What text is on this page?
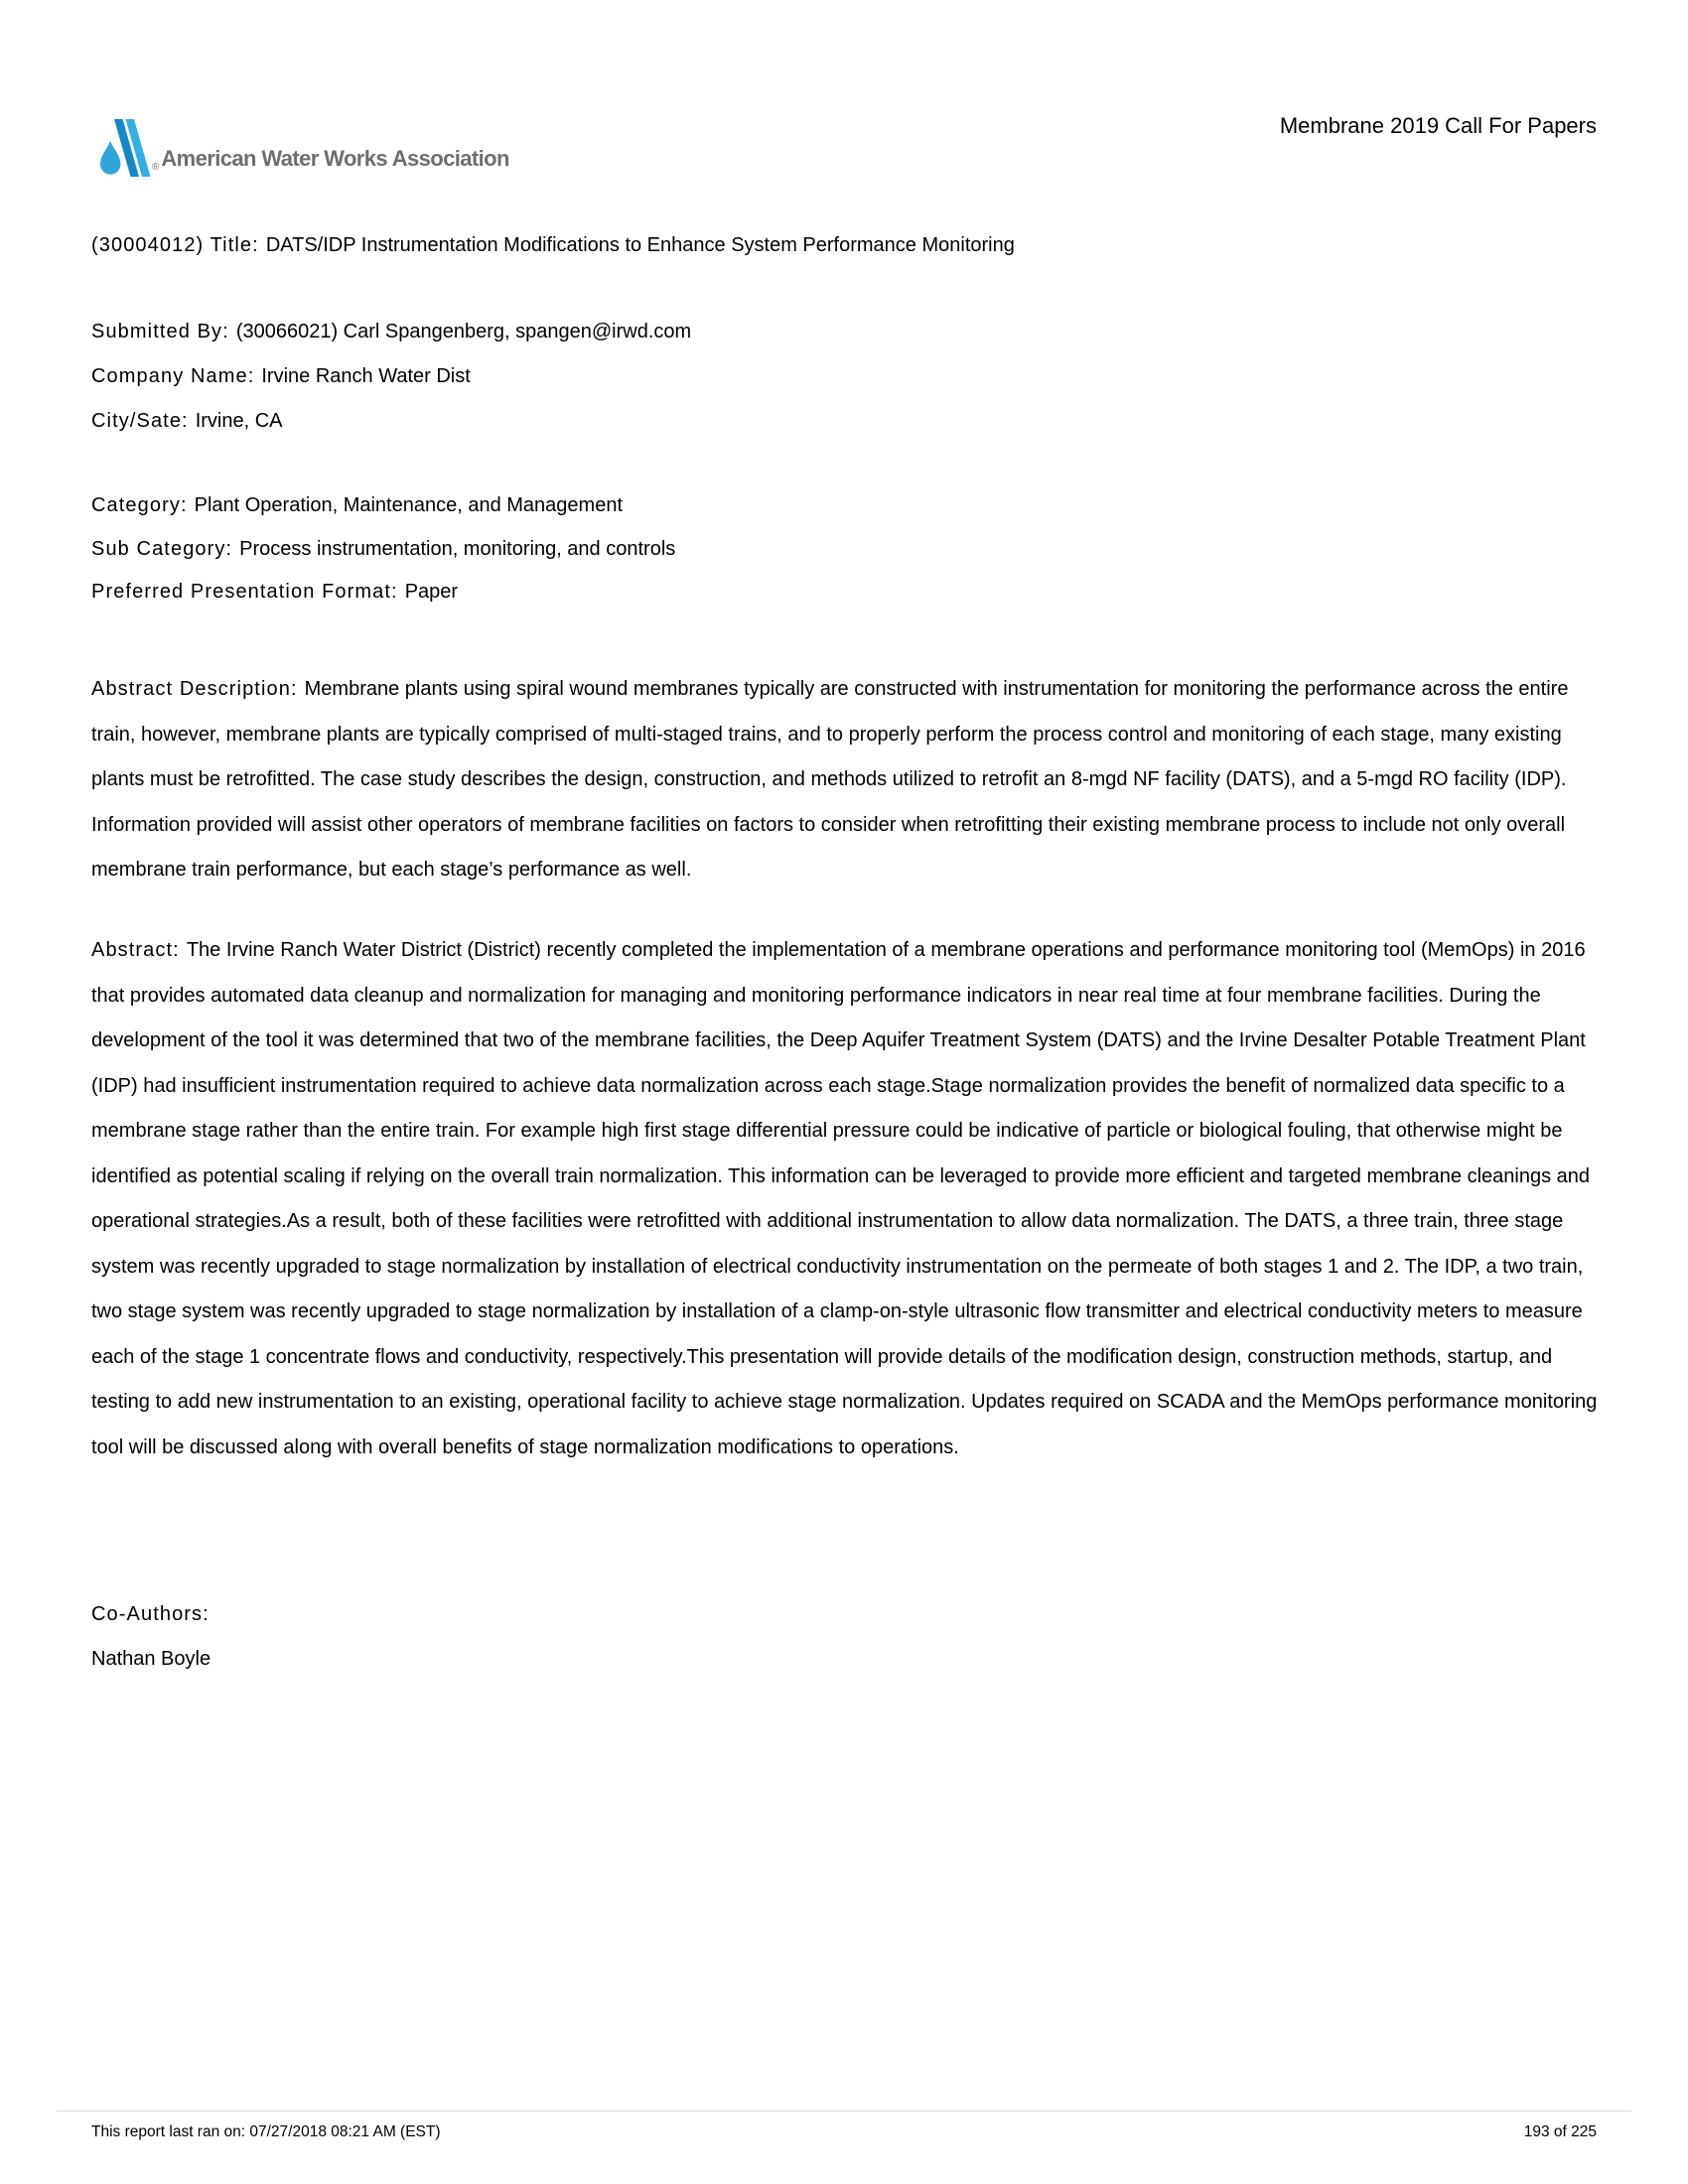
® American Water Works Association
Membrane 2019 Call For Papers
(30004012) Title: DATS/IDP Instrumentation Modifications to Enhance System Performance Monitoring
Submitted By: (30066021) Carl Spangenberg, spangen@irwd.com
Company Name: Irvine Ranch Water Dist
City/Sate: Irvine, CA
Category: Plant Operation, Maintenance, and Management
Sub Category: Process instrumentation, monitoring, and controls
Preferred Presentation Format: Paper
Abstract Description: Membrane plants using spiral wound membranes typically are constructed with instrumentation for monitoring the performance across the entire train, however, membrane plants are typically comprised of multi-staged trains, and to properly perform the process control and monitoring of each stage, many existing plants must be retrofitted. The case study describes the design, construction, and methods utilized to retrofit an 8-mgd NF facility (DATS), and a 5-mgd RO facility (IDP). Information provided will assist other operators of membrane facilities on factors to consider when retrofitting their existing membrane process to include not only overall membrane train performance, but each stage’s performance as well.
Abstract: The Irvine Ranch Water District (District) recently completed the implementation of a membrane operations and performance monitoring tool (MemOps) in 2016 that provides automated data cleanup and normalization for managing and monitoring performance indicators in near real time at four membrane facilities. During the development of the tool it was determined that two of the membrane facilities, the Deep Aquifer Treatment System (DATS) and the Irvine Desalter Potable Treatment Plant (IDP) had insufficient instrumentation required to achieve data normalization across each stage.Stage normalization provides the benefit of normalized data specific to a membrane stage rather than the entire train. For example high first stage differential pressure could be indicative of particle or biological fouling, that otherwise might be identified as potential scaling if relying on the overall train normalization. This information can be leveraged to provide more efficient and targeted membrane cleanings and operational strategies.As a result, both of these facilities were retrofitted with additional instrumentation to allow data normalization. The DATS, a three train, three stage system was recently upgraded to stage normalization by installation of electrical conductivity instrumentation on the permeate of both stages 1 and 2. The IDP, a two train, two stage system was recently upgraded to stage normalization by installation of a clamp-on-style ultrasonic flow transmitter and electrical conductivity meters to measure each of the stage 1 concentrate flows and conductivity, respectively.This presentation will provide details of the modification design, construction methods, startup, and testing to add new instrumentation to an existing, operational facility to achieve stage normalization. Updates required on SCADA and the MemOps performance monitoring tool will be discussed along with overall benefits of stage normalization modifications to operations.
Co-Authors:
Nathan Boyle
This report last ran on: 07/27/2018 08:21 AM (EST)	193 of 225
